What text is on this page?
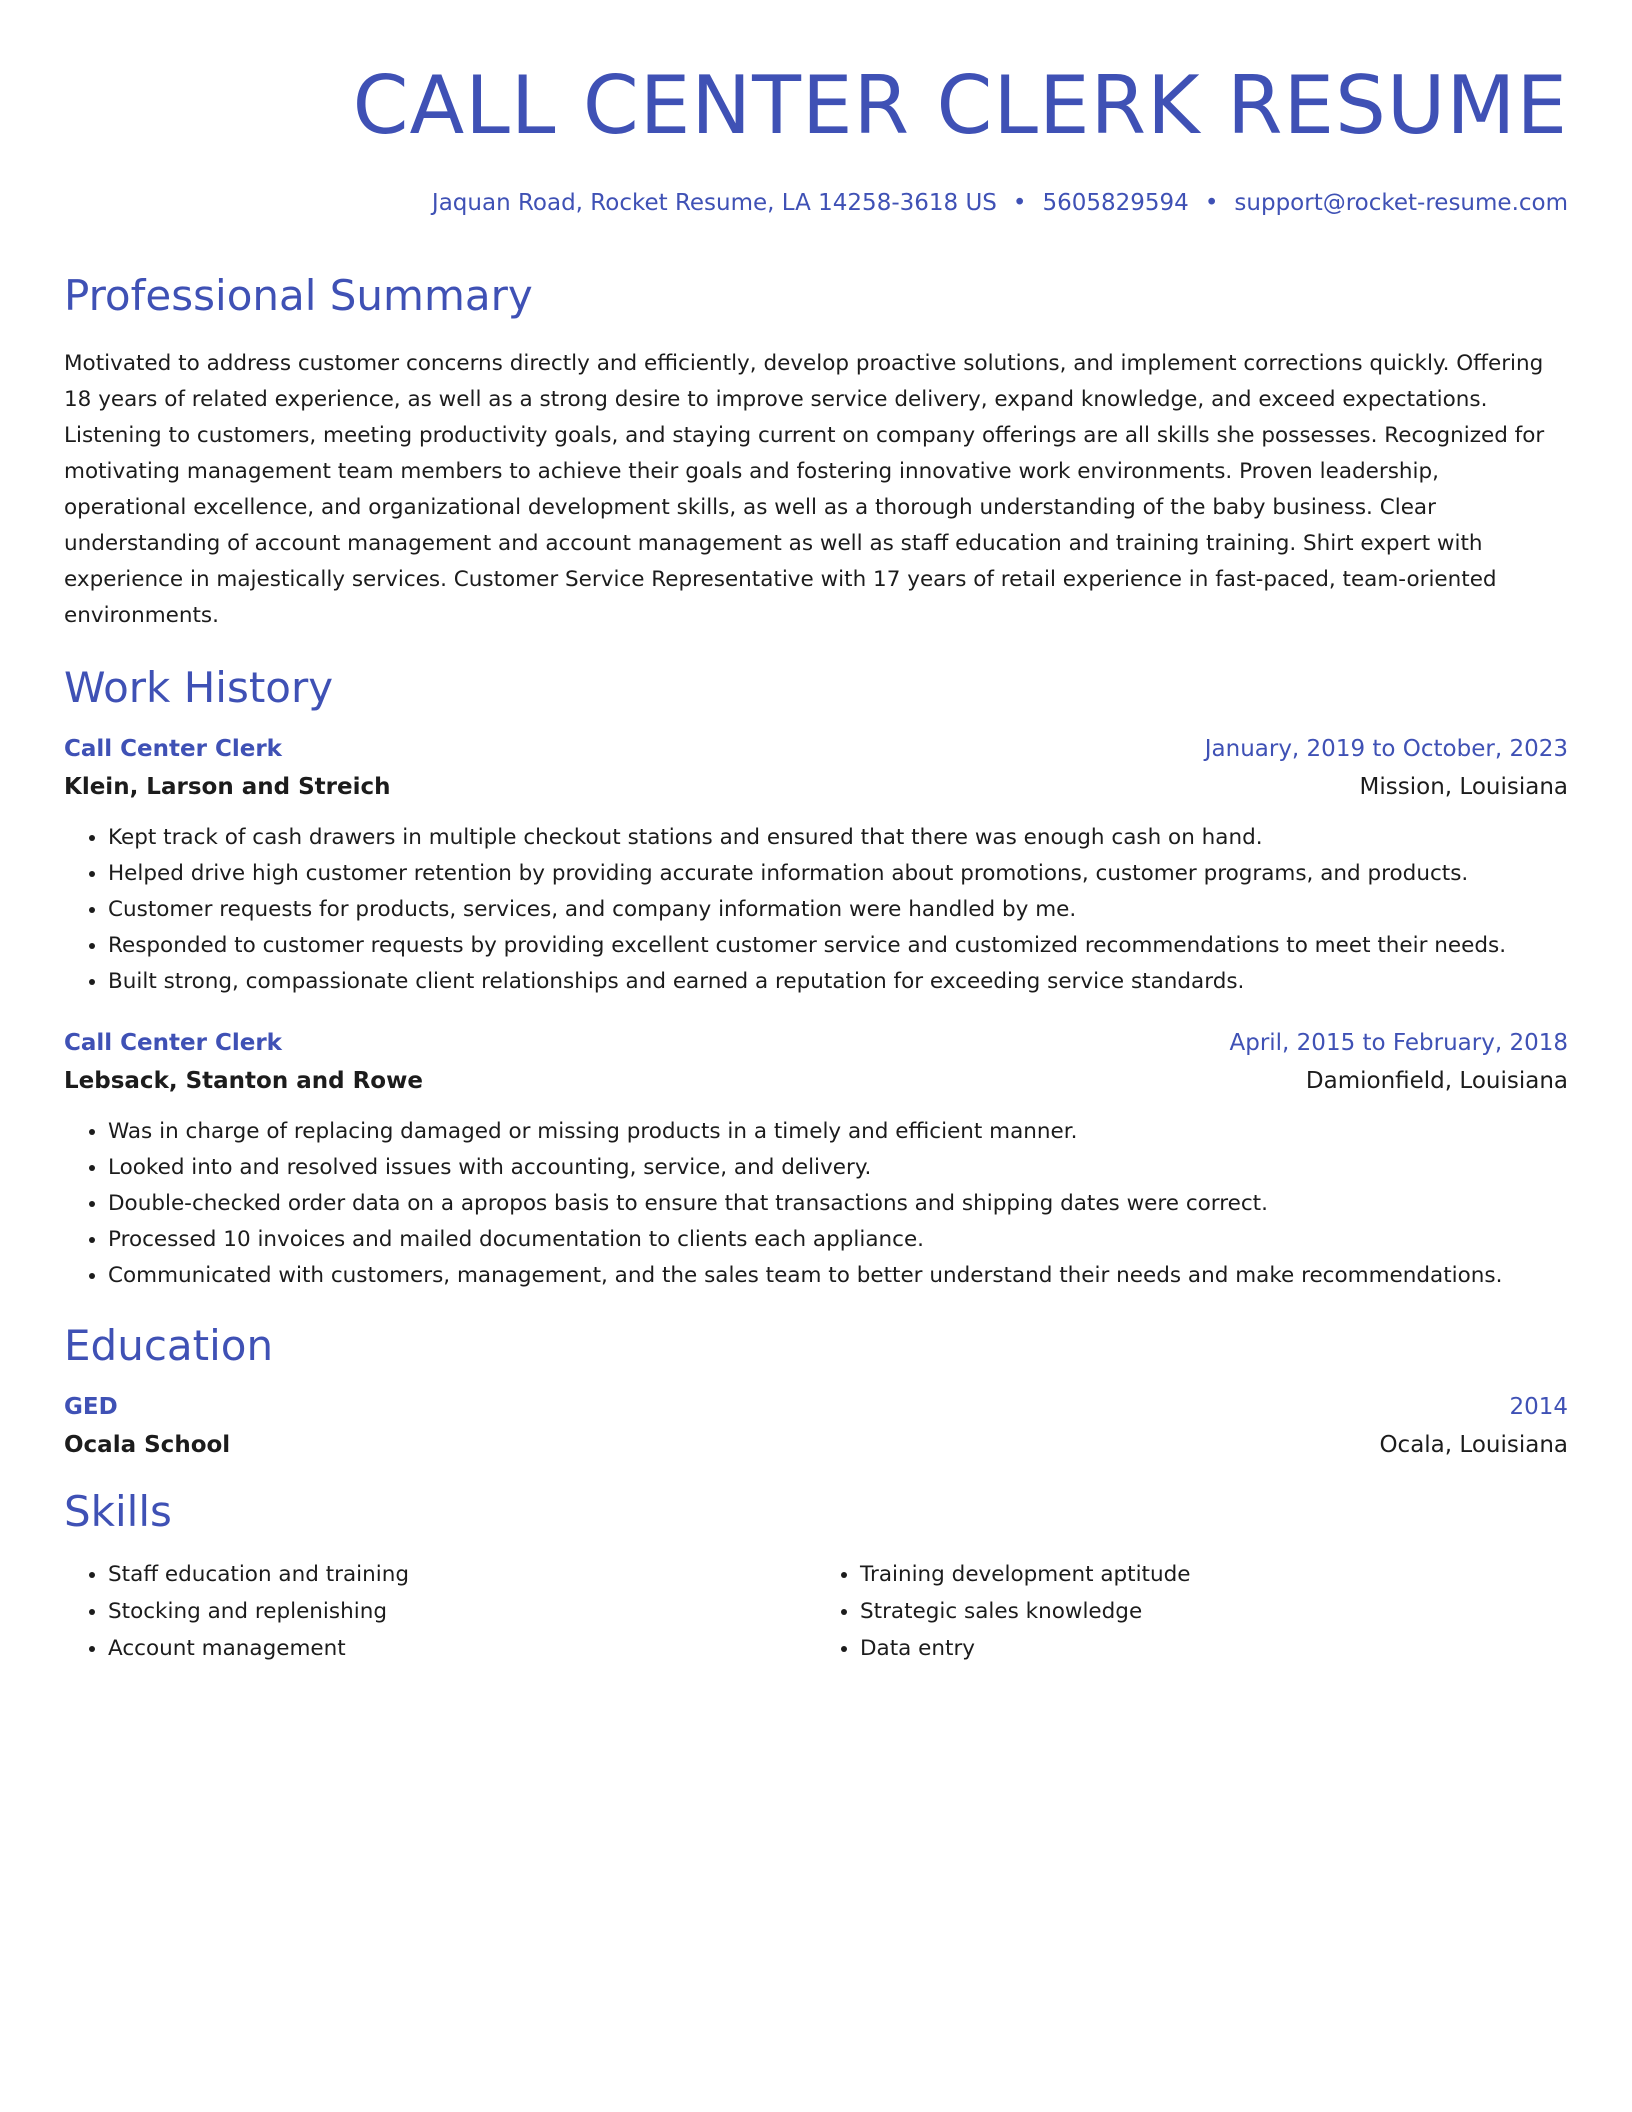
CALL CENTER CLERK RESUME
Jaquan Road, Rocket Resume, LA 14258-3618 US • 5605829594 • support@rocket-resume.com
Professional Summary

Motivated to address customer concerns directly and efficiently, develop proactive solutions, and implement corrections quickly. Offering 18 years of related experience, as well as a strong desire to improve service delivery, expand knowledge, and exceed expectations. Listening to customers, meeting productivity goals, and staying current on company offerings are all skills she possesses. Recognized for motivating management team members to achieve their goals and fostering innovative work environments. Proven leadership, operational excellence, and organizational development skills, as well as a thorough understanding of the baby business. Clear understanding of account management and account management as well as staff education and training training. Shirt expert with experience in majestically services. Customer Service Representative with 17 years of retail experience in fast-paced, team-oriented environments.

Work History
Call Center Clerk	January, 2019 to October, 2023
Klein, Larson and Streich	Mission, Louisiana
• Kept track of cash drawers in multiple checkout stations and ensured that there was enough cash on hand.
• Helped drive high customer retention by providing accurate information about promotions, customer programs, and products.
• Customer requests for products, services, and company information were handled by me.
• Responded to customer requests by providing excellent customer service and customized recommendations to meet their needs.
• Built strong, compassionate client relationships and earned a reputation for exceeding service standards.
Call Center Clerk	April, 2015 to February, 2018
Lebsack, Stanton and Rowe	Damionfield, Louisiana
• Was in charge of replacing damaged or missing products in a timely and efficient manner.
• Looked into and resolved issues with accounting, service, and delivery.
• Double-checked order data on a apropos basis to ensure that transactions and shipping dates were correct.
• Processed 10 invoices and mailed documentation to clients each appliance.
• Communicated with customers, management, and the sales team to better understand their needs and make recommendations.
Education
GED	2014
Ocala School	Ocala, Louisiana
Skills
• Staff education and training
• Stocking and replenishing
• Account management
• Training development aptitude
• Strategic sales knowledge
• Data entry
